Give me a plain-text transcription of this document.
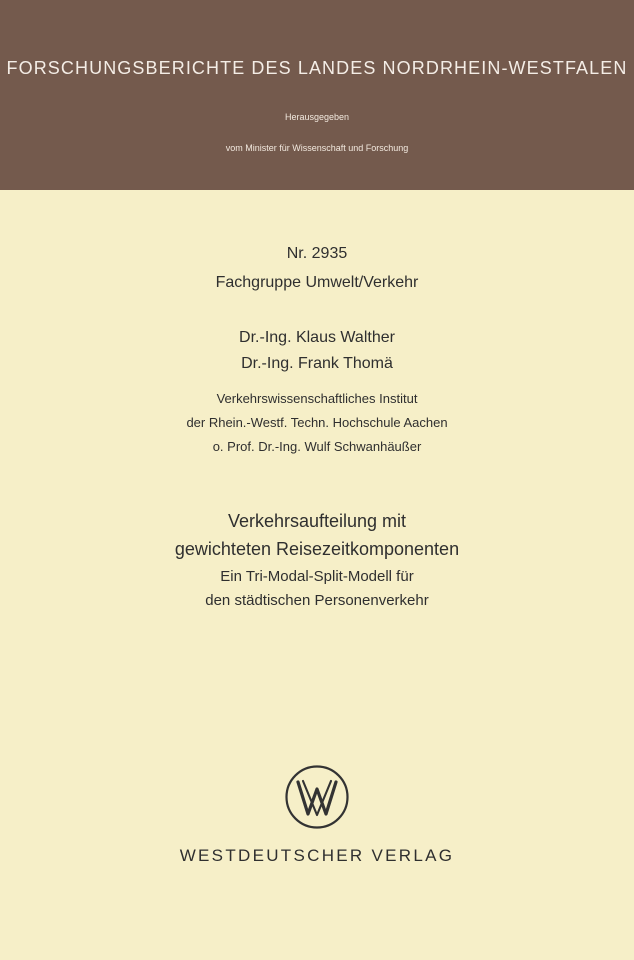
FORSCHUNGSBERICHTE DES LANDES NORDRHEIN-WESTFALEN
Herausgegeben
vom Minister für Wissenschaft und Forschung
Nr. 2935
Fachgruppe Umwelt/Verkehr
Dr.-Ing. Klaus Walther
Dr.-Ing. Frank Thomä
Verkehrswissenschaftliches Institut
der Rhein.-Westf. Techn. Hochschule Aachen
o. Prof. Dr.-Ing. Wulf Schwanhäußer
Verkehrsaufteilung mit
gewichteten Reisezeitkomponenten
Ein Tri-Modal-Split-Modell für
den städtischen Personenverkehr
WESTDEUTSCHER VERLAG
